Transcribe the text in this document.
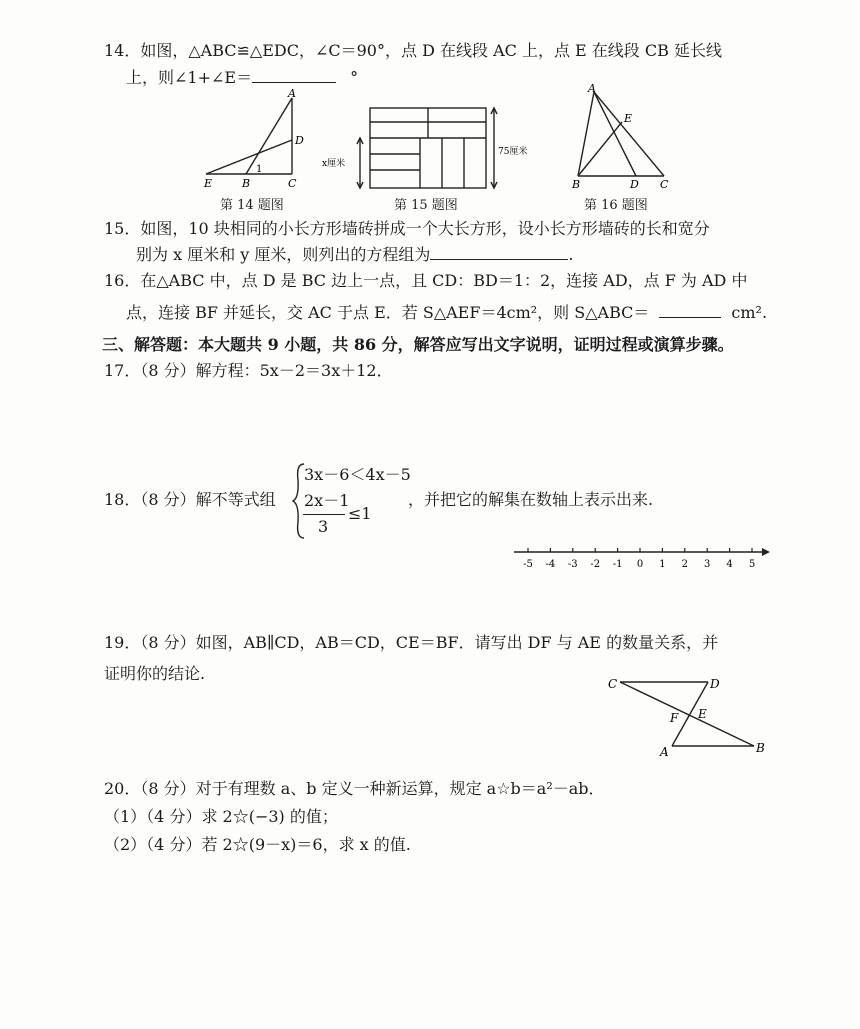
14．如图，△ABC≌△EDC，∠C＝90°，点 D 在线段 AC 上，点 E 在线段 CB 延长线
上，则∠1+∠E＝	°
A
D
E	B	C
1
第 14 题图
x厘米
75厘米
第 15 题图
A
E
B	D C
第 16 题图
15．如图，10 块相同的小长方形墙砖拼成一个大长方形，设小长方形墙砖的长和宽分
别为 x 厘米和 y 厘米，则列出的方程组为	.
16．在△ABC 中，点 D 是 BC 边上一点，且 CD：BD＝1：2，连接 AD，点 F 为 AD 中
点，连接 BF 并延长，交 AC 于点 E．若 S△AEF＝4cm²，则 S△ABC＝	cm².
三、解答题：本大题共 9 小题，共 86 分，解答应写出文字说明，证明过程或演算步骤。
17．（8 分）解方程：5x－2＝3x＋12．
18．（8 分）解不等式组
3x－6＜4x－5
2x－1
3
≤1
，并把它的解集在数轴上表示出来.
-5 -4 -3 -2 -1 0 1 2 3 4 5
19．（8 分）如图，AB∥CD，AB＝CD，CE＝BF．请写出 DF 与 AE 的数量关系，并
证明你的结论.
C	D
F E
A	B
20．（8 分）对于有理数 a、b 定义一种新运算，规定 a☆b＝a²－ab．
（1）（4 分）求 2☆(−3) 的值；
（2）（4 分）若 2☆(9－x)＝6，求 x 的值.
